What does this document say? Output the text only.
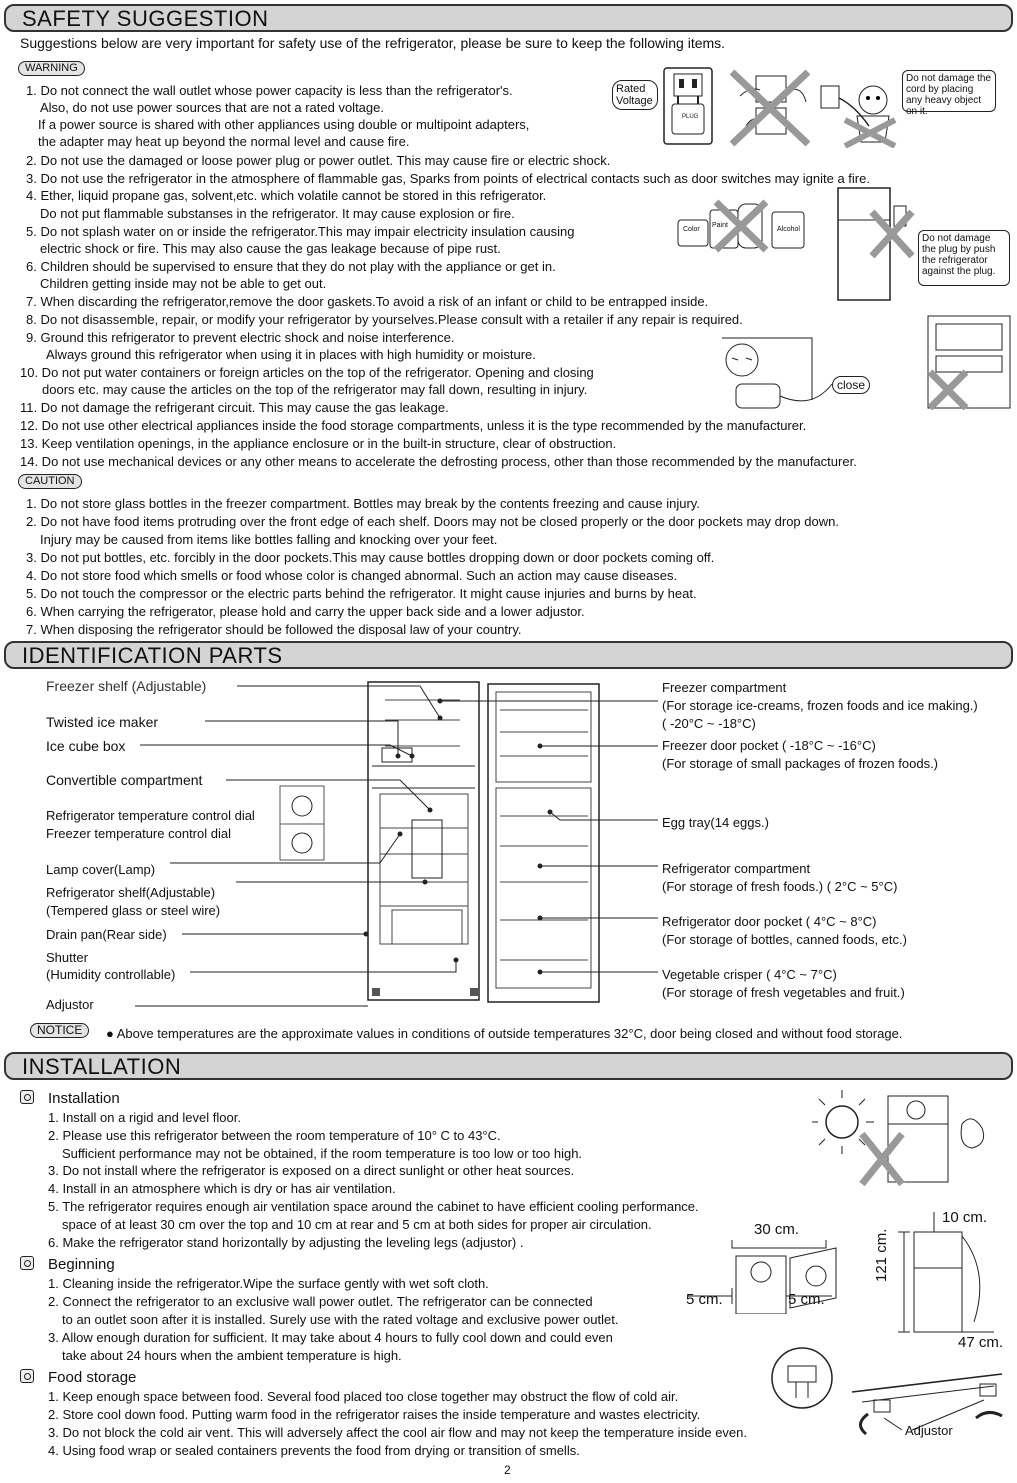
SAFETY SUGGESTION
Suggestions below are very important for safety use of the refrigerator, please be sure to keep the following items.
WARNING
1. Do not connect the wall outlet whose power capacity is less than the refrigerator's.
Also, do not use power sources that are not a rated voltage.
If a power source is shared with other appliances using double or multipoint adapters,
the adapter may heat up beyond the normal level and cause fire.
2. Do not use the damaged or loose power plug or power outlet. This may cause fire or electric shock.
3. Do not use the refrigerator in the atmosphere of flammable gas, Sparks from points of electrical contacts such as door switches may ignite a fire.
4. Ether, liquid propane gas, solvent,etc. which volatile cannot be stored in this refrigerator.
Do not put flammable substanses in the refrigerator. It may cause explosion or fire.
5. Do not splash water on or inside the refrigerator.This may impair electricity insulation causing
electric shock or fire. This may also cause the gas leakage because of pipe rust.
6. Children should be supervised to ensure that they do not play with the appliance or get in.
Children getting inside may not be able to get out.
7. When discarding the refrigerator,remove the door gaskets.To avoid a risk of an infant or child to be entrapped inside.
8. Do not disassemble, repair, or modify your refrigerator by yourselves.Please consult with a retailer if any repair is required.
9. Ground this refrigerator to prevent electric shock and noise interference.
Always ground this refrigerator when using it in places with high humidity or moisture.
10. Do not put water containers or foreign articles on the top of the refrigerator. Opening and closing
doors etc. may cause the articles on the top of the refrigerator may fall down, resulting in injury.
11. Do not damage the refrigerant circuit. This may cause the gas leakage.
12. Do not use other electrical appliances inside the food storage compartments, unless it is the type recommended by the manufacturer.
13. Keep ventilation openings, in the appliance enclosure or in the built-in structure, clear of obstruction.
14. Do not use mechanical devices or any other means to accelerate the defrosting process, other than those recommended by the manufacturer.
Rated Voltage
PLUG
Do not damage the cord by placing any heavy object on it.
Color
Paint
Alcohol
Do not damage the plug by push the refrigerator against the plug.
close
CAUTION
1. Do not store glass bottles in the freezer compartment. Bottles may break by the contents freezing and cause injury.
2. Do not have food items protruding over the front edge of each shelf. Doors may not be closed properly or the door pockets may drop down.
Injury may be caused from items like bottles falling and knocking over your feet.
3. Do not put bottles, etc. forcibly in the door pockets.This may cause bottles dropping down or door pockets coming off.
4. Do not store food which smells or food whose color is changed abnormal. Such an action may cause diseases.
5. Do not touch the compressor or the electric parts behind the refrigerator. It might cause injuries and burns by heat.
6. When carrying the refrigerator, please hold and carry the upper back side and a lower adjustor.
7. When disposing the refrigerator should be followed the disposal law of your country.
IDENTIFICATION PARTS
Freezer shelf (Adjustable)
Twisted ice maker
Ice cube box
Convertible compartment
Refrigerator temperature control dial
Freezer temperature control dial
Lamp cover(Lamp)
Refrigerator shelf(Adjustable)
(Tempered glass or steel wire)
Drain pan(Rear side)
Shutter
(Humidity controllable)
Adjustor
Freezer compartment
(For storage ice-creams, frozen foods and ice making.)
( -20°C ~ -18°C)
Freezer door pocket ( -18°C ~ -16°C)
(For storage of small packages of frozen foods.)
Egg tray(14 eggs.)
Refrigerator compartment
(For storage of fresh foods.) ( 2°C ~ 5°C)
Refrigerator door pocket ( 4°C ~ 8°C)
(For storage of bottles, canned foods, etc.)
Vegetable crisper ( 4°C ~ 7°C)
(For storage of fresh vegetables and fruit.)
NOTICE	● Above temperatures are the approximate values in conditions of outside temperatures 32°C, door being closed and without food storage.
INSTALLATION
Installation
1. Install on a rigid and level floor.
2. Please use this refrigerator between the room temperature of 10° C to 43°C.
Sufficient performance may not be obtained, if the room temperature is too low or too high.
3. Do not install where the refrigerator is exposed on a direct sunlight or other heat sources.
4. Install in an atmosphere which is dry or has air ventilation.
5. The refrigerator requires enough air ventilation space around the cabinet to have efficient cooling performance.
space of at least 30 cm over the top and 10 cm at rear and 5 cm at both sides for proper air circulation.
6. Make the refrigerator stand horizontally by adjusting the leveling legs (adjustor) .
30 cm.
5 cm.	5 cm.
10 cm.
121 cm.
47 cm.
Beginning
1. Cleaning inside the refrigerator.Wipe the surface gently with wet soft cloth.
2. Connect the refrigerator to an exclusive wall power outlet. The refrigerator can be connected
to an outlet soon after it is installed. Surely use with the rated voltage and exclusive power outlet.
3. Allow enough duration for sufficient. It may take about 4 hours to fully cool down and could even
take about 24 hours when the ambient temperature is high.
Food storage
1. Keep enough space between food. Several food placed too close together may obstruct the flow of cold air.
2. Store cool down food. Putting warm food in the refrigerator raises the inside temperature and wastes electricity.
3. Do not block the cold air vent. This will adversely affect the cool air flow and may not keep the temperature inside even.
4. Using food wrap or sealed containers prevents the food from drying or transition of smells.
Adjustor
2
